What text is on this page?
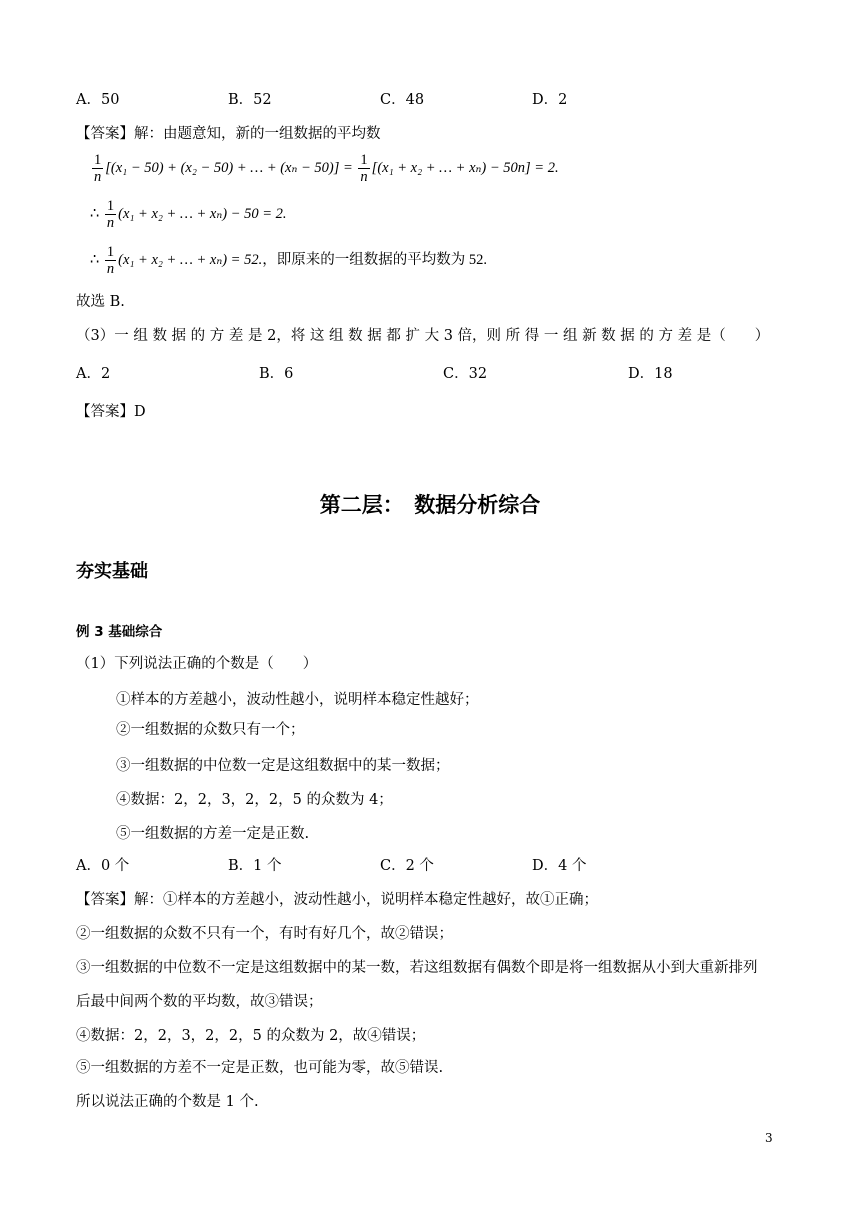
A．50	B．52	C．48	D．2
【答案】解：由题意知，新的一组数据的平均数
$\frac{1}{n} [(x_1 - 50) + (x_2 - 50)$ + … + $(x_n - 50)] = \frac{1}{n} [(x_1 + x_2$ + … + xₙ) − 50n] = 2.
∴ $\frac{1}{n} (x_1 + x_2$ + … + xₙ) − 50 = 2.
∴ $\frac{1}{n} (x_1 + x_2$ + … + xₙ) = 52.，即原来的一组数据的平均数为 52.
故选 B.
（3）一 组 数 据 的 方 差 是 2，将 这 组 数 据 都 扩 大 3 倍，则 所 得 一 组 新 数 据 的 方 差 是（　　）
A．2	B．6	C．32	D．18
【答案】D
第二层：　数据分析综合
夯实基础
例 3 基础综合
（1）下列说法正确的个数是（　　）
①样本的方差越小，波动性越小，说明样本稳定性越好；
②一组数据的众数只有一个；
③一组数据的中位数一定是这组数据中的某一数据；
④数据：2，2，3，2，2，5 的众数为 4；
⑤一组数据的方差一定是正数.
A．0 个	B．1 个	C．2 个	D．4 个
【答案】解：①样本的方差越小，波动性越小，说明样本稳定性越好，故①正确；
②一组数据的众数不只有一个，有时有好几个，故②错误；
③一组数据的中位数不一定是这组数据中的某一数，若这组数据有偶数个即是将一组数据从小到大重新排列
后最中间两个数的平均数，故③错误；
④数据：2，2，3，2，2，5 的众数为 2，故④错误；
⑤一组数据的方差不一定是正数，也可能为零，故⑤错误.
所以说法正确的个数是 1 个.
3
